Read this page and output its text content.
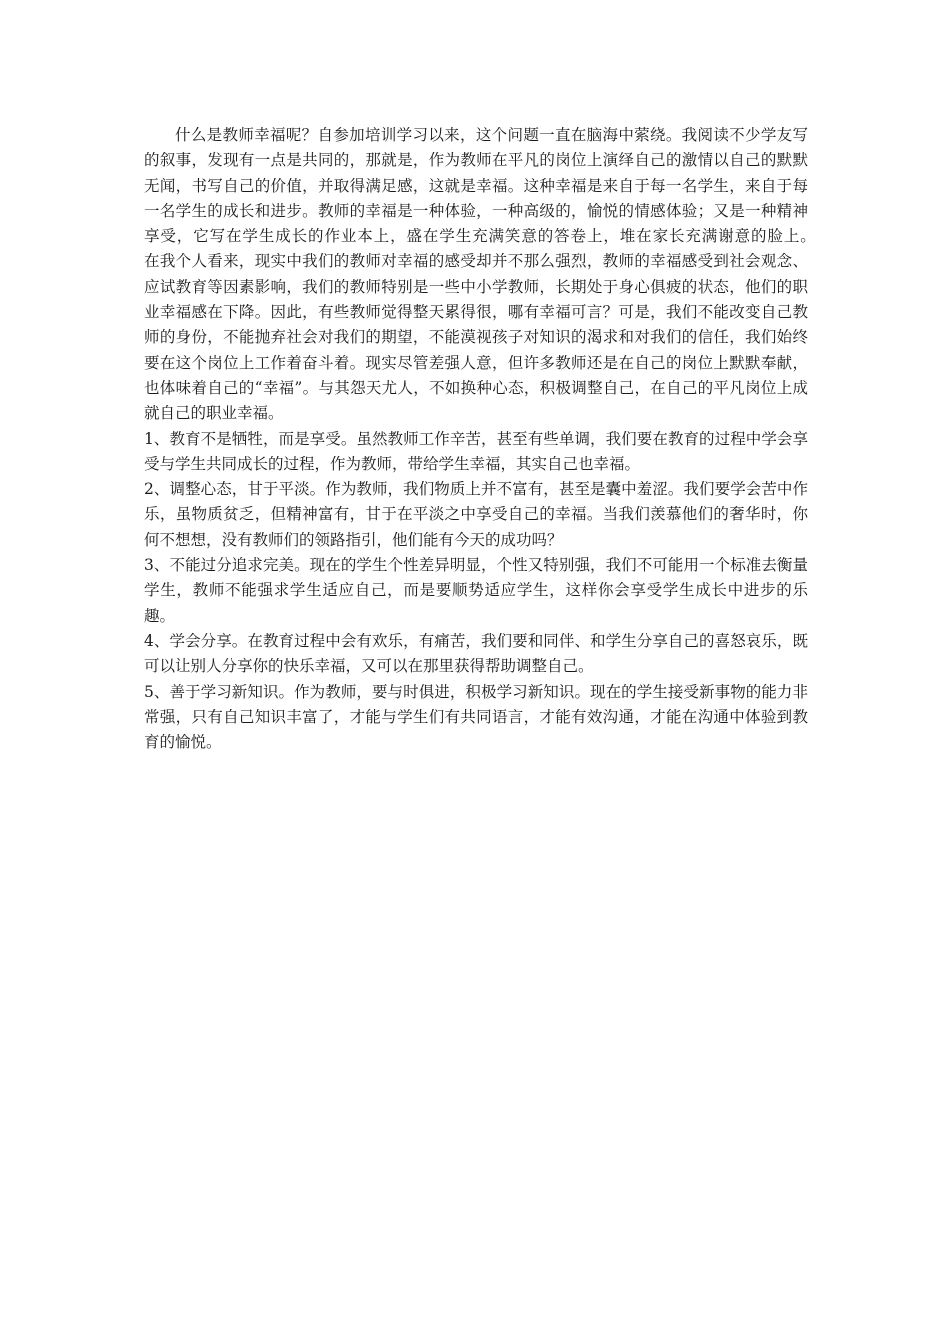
什么是教师幸福呢？自参加培训学习以来，这个问题一直在脑海中萦绕。我阅读不少学友写的叙事，发现有一点是共同的，那就是，作为教师在平凡的岗位上演绎自己的激情以自己的默默无闻，书写自己的价值，并取得满足感，这就是幸福。这种幸福是来自于每一名学生，来自于每一名学生的成长和进步。教师的幸福是一种体验，一种高级的，愉悦的情感体验；又是一种精神享受，它写在学生成长的作业本上，盛在学生充满笑意的答卷上，堆在家长充满谢意的脸上。　　在我个人看来，现实中我们的教师对幸福的感受却并不那么强烈，教师的幸福感受到社会观念、应试教育等因素影响，我们的教师特别是一些中小学教师，长期处于身心俱疲的状态，他们的职业幸福感在下降。因此，有些教师觉得整天累得很，哪有幸福可言？可是，我们不能改变自己教师的身份，不能抛弃社会对我们的期望，不能漠视孩子对知识的渴求和对我们的信任，我们始终要在这个岗位上工作着奋斗着。现实尽管差强人意，但许多教师还是在自己的岗位上默默奉献，也体味着自己的“幸福”。与其怨天尤人，不如换种心态，积极调整自己，在自己的平凡岗位上成就自己的职业幸福。

1、教育不是牺牲，而是享受。虽然教师工作辛苦，甚至有些单调，我们要在教育的过程中学会享受与学生共同成长的过程，作为教师，带给学生幸福，其实自己也幸福。

2、调整心态，甘于平淡。作为教师，我们物质上并不富有，甚至是囊中羞涩。我们要学会苦中作乐，虽物质贫乏，但精神富有，甘于在平淡之中享受自己的幸福。当我们羡慕他们的奢华时，你何不想想，没有教师们的领路指引，他们能有今天的成功吗？

3、不能过分追求完美。现在的学生个性差异明显，个性又特别强，我们不可能用一个标准去衡量学生，教师不能强求学生适应自己，而是要顺势适应学生，这样你会享受学生成长中进步的乐趣。

4、学会分享。在教育过程中会有欢乐，有痛苦，我们要和同伴、和学生分享自己的喜怒哀乐，既可以让别人分享你的快乐幸福，又可以在那里获得帮助调整自己。

5、善于学习新知识。作为教师，要与时俱进，积极学习新知识。现在的学生接受新事物的能力非常强，只有自己知识丰富了，才能与学生们有共同语言，才能有效沟通，才能在沟通中体验到教育的愉悦。
